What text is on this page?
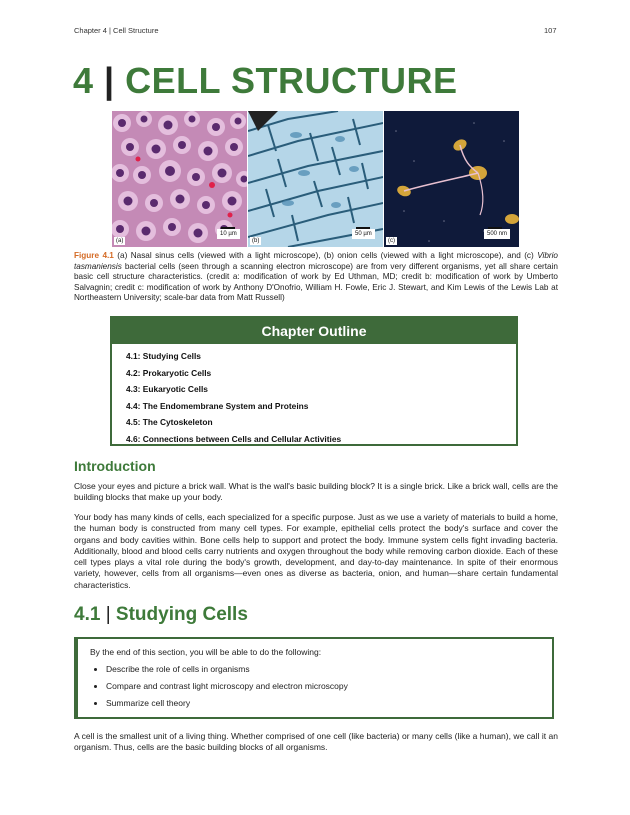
Chapter 4 | Cell Structure	107
4 | CELL STRUCTURE
(a)
10 µm
(b)
50 µm
(c)
500 nm
Figure 4.1 (a) Nasal sinus cells (viewed with a light microscope), (b) onion cells (viewed with a light microscope), and (c) Vibrio tasmaniensis bacterial cells (seen through a scanning electron microscope) are from very different organisms, yet all share certain basic cell structure characteristics. (credit a: modification of work by Ed Uthman, MD; credit b: modification of work by Umberto Salvagnin; credit c: modification of work by Anthony D'Onofrio, William H. Fowle, Eric J. Stewart, and Kim Lewis of the Lewis Lab at Northeastern University; scale-bar data from Matt Russell)
Chapter Outline
4.1: Studying Cells
4.2: Prokaryotic Cells
4.3: Eukaryotic Cells
4.4: The Endomembrane System and Proteins
4.5: The Cytoskeleton
4.6: Connections between Cells and Cellular Activities
Introduction

Close your eyes and picture a brick wall. What is the wall's basic building block? It is a single brick. Like a brick wall, cells are the building blocks that make up your body.

Your body has many kinds of cells, each specialized for a specific purpose. Just as we use a variety of materials to build a home, the human body is constructed from many cell types. For example, epithelial cells protect the body's surface and cover the organs and body cavities within. Bone cells help to support and protect the body. Immune system cells fight invading bacteria. Additionally, blood and blood cells carry nutrients and oxygen throughout the body while removing carbon dioxide. Each of these cell types plays a vital role during the body's growth, development, and day-to-day maintenance. In spite of their enormous variety, however, cells from all organisms—even ones as diverse as bacteria, onion, and human—share certain fundamental characteristics.

4.1 | Studying Cells

By the end of this section, you will be able to do the following:

• Describe the role of cells in organisms
• Compare and contrast light microscopy and electron microscopy
• Summarize cell theory

A cell is the smallest unit of a living thing. Whether comprised of one cell (like bacteria) or many cells (like a human), we call it an organism. Thus, cells are the basic building blocks of all organisms.
